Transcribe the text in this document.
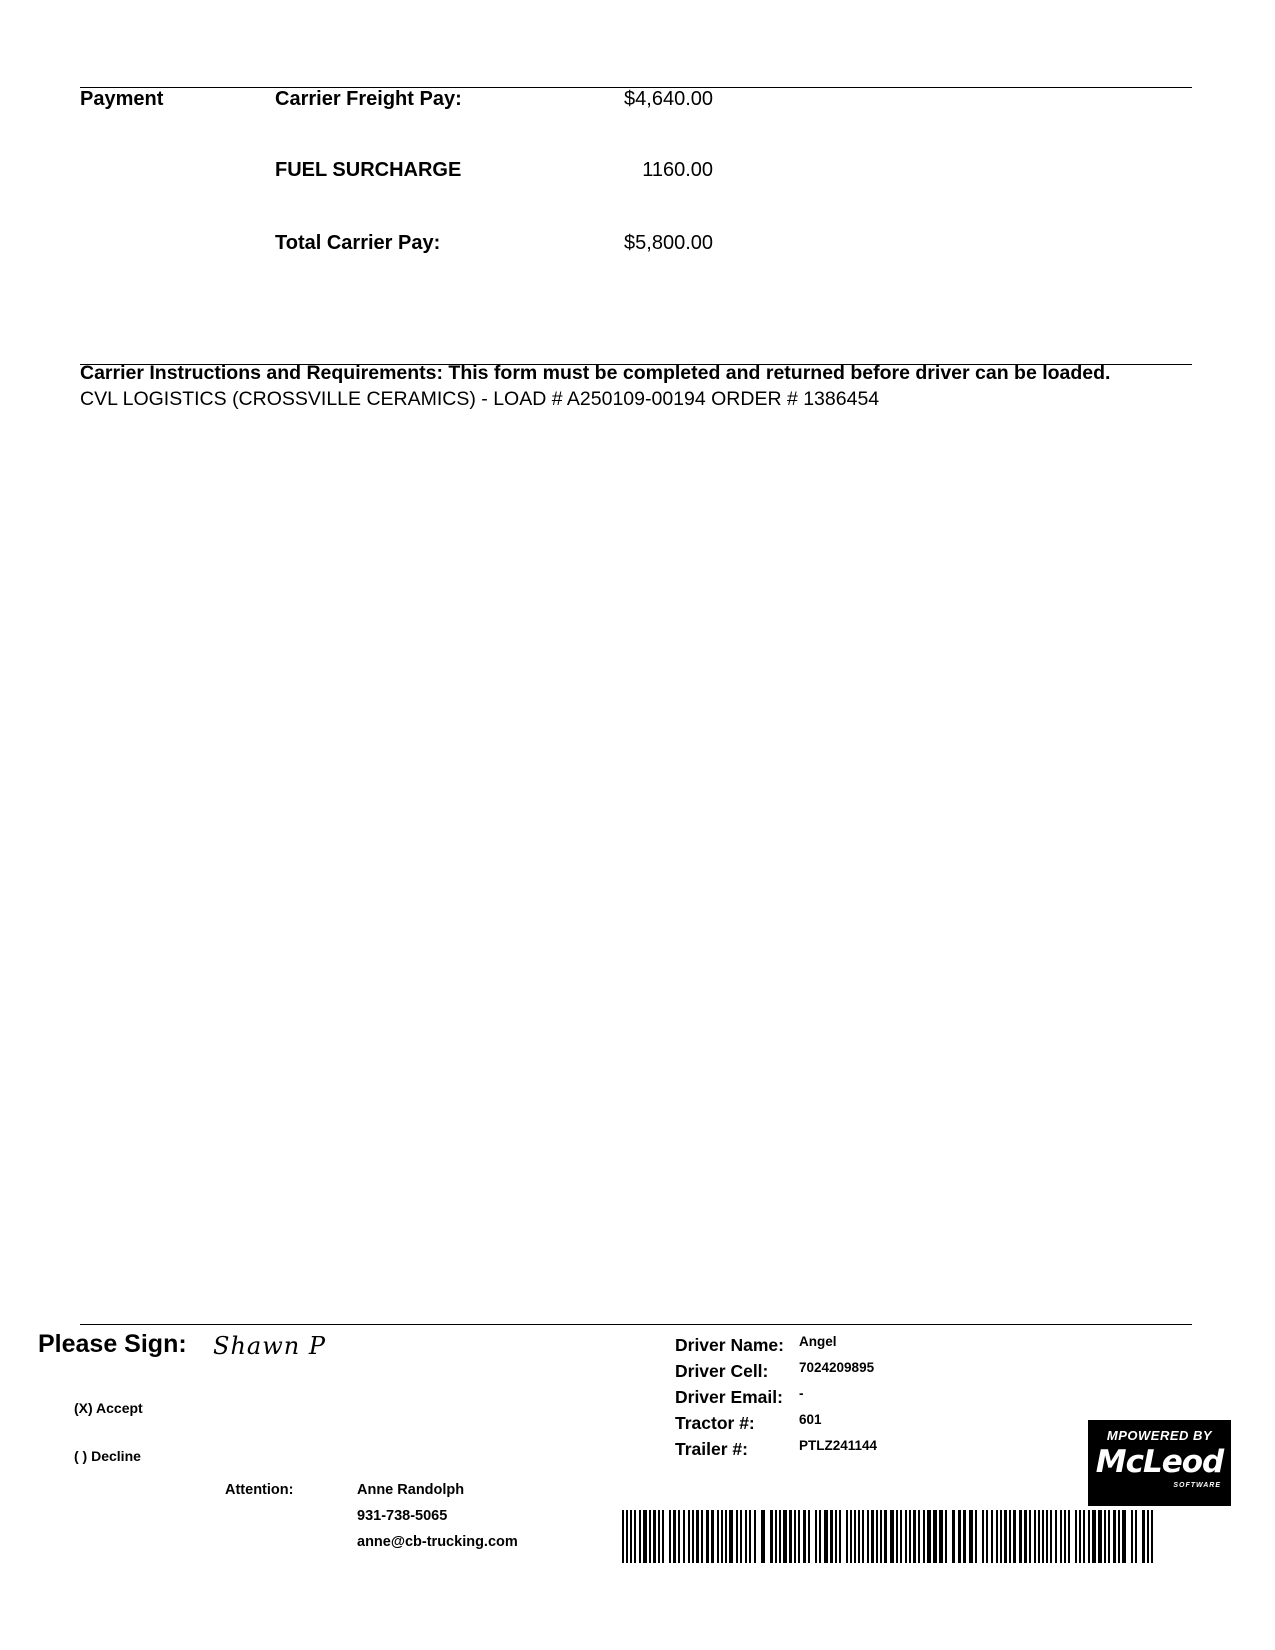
Payment	Carrier Freight Pay:	$4,640.00
FUEL SURCHARGE	1160.00
Total Carrier Pay:	$5,800.00
Carrier Instructions and Requirements: This form must be completed and returned before driver can be loaded.
CVL LOGISTICS (CROSSVILLE CERAMICS) - LOAD # A250109-00194 ORDER # 1386454
Please Sign: Shawn P
(X) Accept
( ) Decline
Attention:	Anne Randolph
931-738-5065
anne@cb-trucking.com
Driver Name: Angel
Driver Cell: 7024209895
Driver Email: -
Tractor #:	601
Trailer #:	PTLZ241144
MPOWERED BY
McLeod
SOFTWARE
